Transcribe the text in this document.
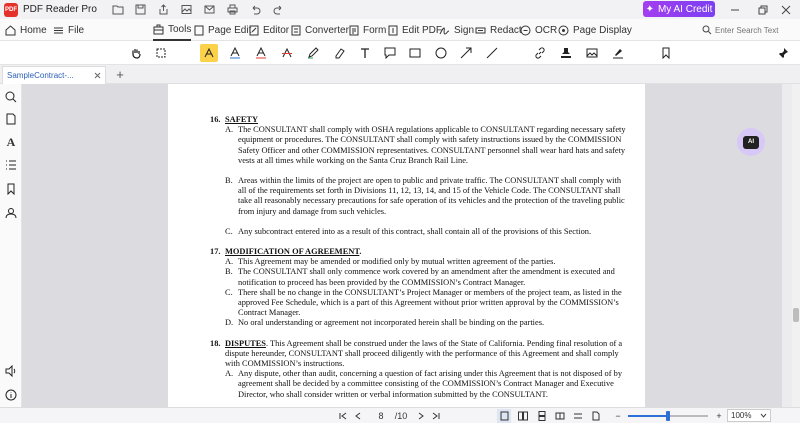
PDF PDF Reader Pro	✦ My AI Credit
Home File	Tools Page Edit Editor Converter Form Edit PDF Sign Redact OCR Page Display
Enter Search Text
SampleContract-...	+
A
16. SAFETY
A. The CONSULTANT shall comply with OSHA regulations applicable to CONSULTANT regarding necessary safety equipment or procedures. The CONSULTANT shall comply with safety instructions issued by the COMMISSION Safety Officer and other COMMISSION representatives. CONSULTANT personnel shall wear hard hats and safety vests at all times while working on the Santa Cruz Branch Rail Line.
B. Areas within the limits of the project are open to public and private traffic. The CONSULTANT shall comply with all of the requirements set forth in Divisions 11, 12, 13, 14, and 15 of the Vehicle Code. The CONSULTANT shall take all reasonably necessary precautions for safe operation of its vehicles and the protection of the traveling public from injury and damage from such vehicles.
C. Any subcontract entered into as a result of this contract, shall contain all of the provisions of this Section.
17. MODIFICATION OF AGREEMENT.
A. This Agreement may be amended or modified only by mutual written agreement of the parties.
B. The CONSULTANT shall only commence work covered by an amendment after the amendment is executed and notification to proceed has been provided by the COMMISSION’s Contract Manager.
C. There shall be no change in the CONSULTANT’s Project Manager or members of the project team, as listed in the approved Fee Schedule, which is a part of this Agreement without prior written approval by the COMMISSION’s Contract Manager.
D. No oral understanding or agreement not incorporated herein shall be binding on the parties.
18. DISPUTES. This Agreement shall be construed under the laws of the State of California. Pending final resolution of a dispute hereunder, CONSULTANT shall proceed diligently with the performance of this Agreement and shall comply with COMMISSION’s instructions.
A. Any dispute, other than audit, concerning a question of fact arising under this Agreement that is not disposed of by agreement shall be decided by a committee consisting of the COMMISSION’s Contract Manager and Executive Director, who shall consider written or verbal information submitted by the CONSULTANT.
AI
8
/10	−	+	100%
